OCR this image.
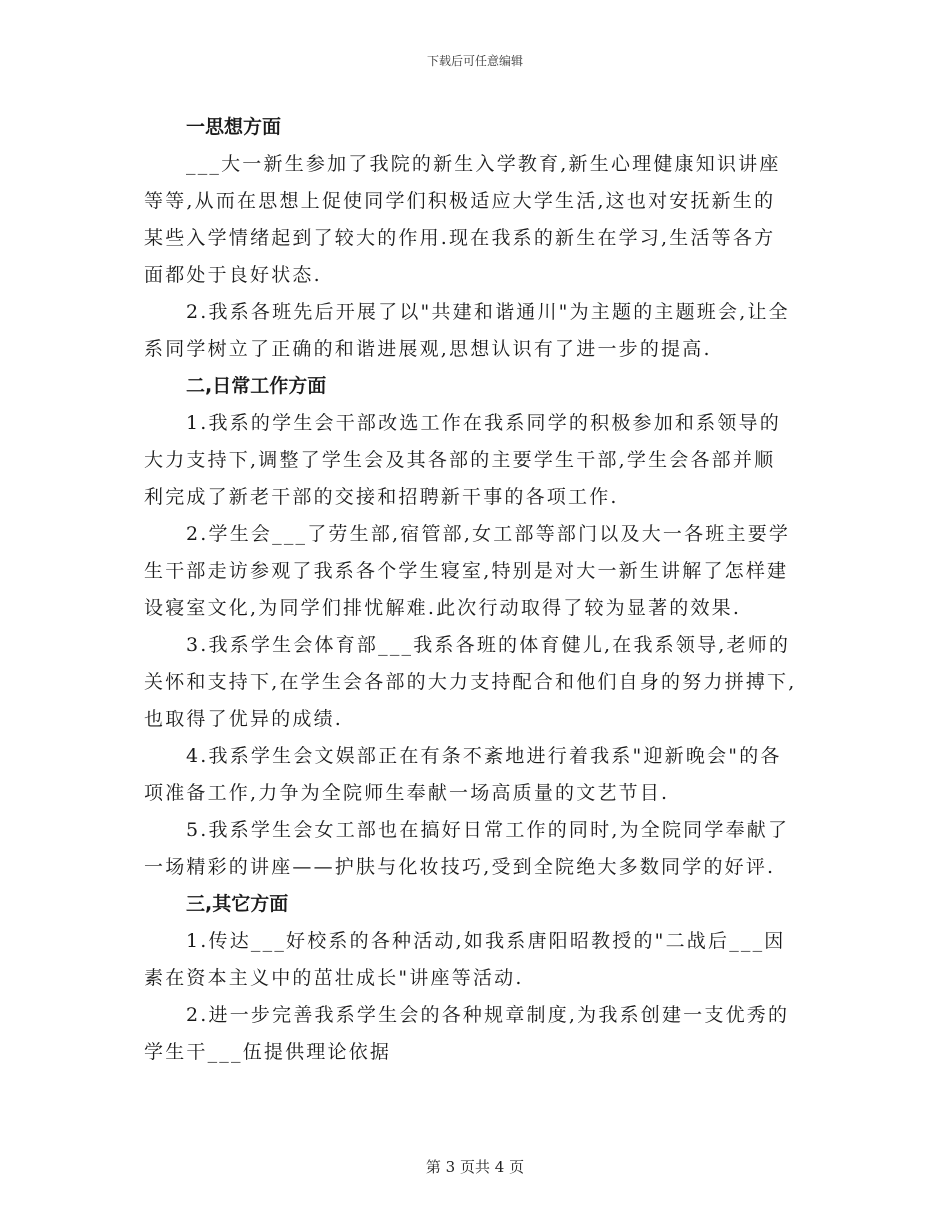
下载后可任意编辑
一思想方面
___大一新生参加了我院的新生入学教育,新生心理健康知识讲座
等等,从而在思想上促使同学们积极适应大学生活,这也对安抚新生的
某些入学情绪起到了较大的作用.现在我系的新生在学习,生活等各方
面都处于良好状态.
2.我系各班先后开展了以"共建和谐通川"为主题的主题班会,让全
系同学树立了正确的和谐进展观,思想认识有了进一步的提高.
二,日常工作方面
1.我系的学生会干部改选工作在我系同学的积极参加和系领导的
大力支持下,调整了学生会及其各部的主要学生干部,学生会各部并顺
利完成了新老干部的交接和招聘新干事的各项工作.
2.学生会___了劳生部,宿管部,女工部等部门以及大一各班主要学
生干部走访参观了我系各个学生寝室,特别是对大一新生讲解了怎样建
设寝室文化,为同学们排忧解难.此次行动取得了较为显著的效果.
3.我系学生会体育部___我系各班的体育健儿,在我系领导,老师的
关怀和支持下,在学生会各部的大力支持配合和他们自身的努力拼搏下,
也取得了优异的成绩.
4.我系学生会文娱部正在有条不紊地进行着我系"迎新晚会"的各
项准备工作,力争为全院师生奉献一场高质量的文艺节目.
5.我系学生会女工部也在搞好日常工作的同时,为全院同学奉献了
一场精彩的讲座——护肤与化妆技巧,受到全院绝大多数同学的好评.
三,其它方面
1.传达___好校系的各种活动,如我系唐阳昭教授的"二战后___因
素在资本主义中的茁壮成长"讲座等活动.
2.进一步完善我系学生会的各种规章制度,为我系创建一支优秀的
学生干___伍提供理论依据
第 3 页共 4 页
